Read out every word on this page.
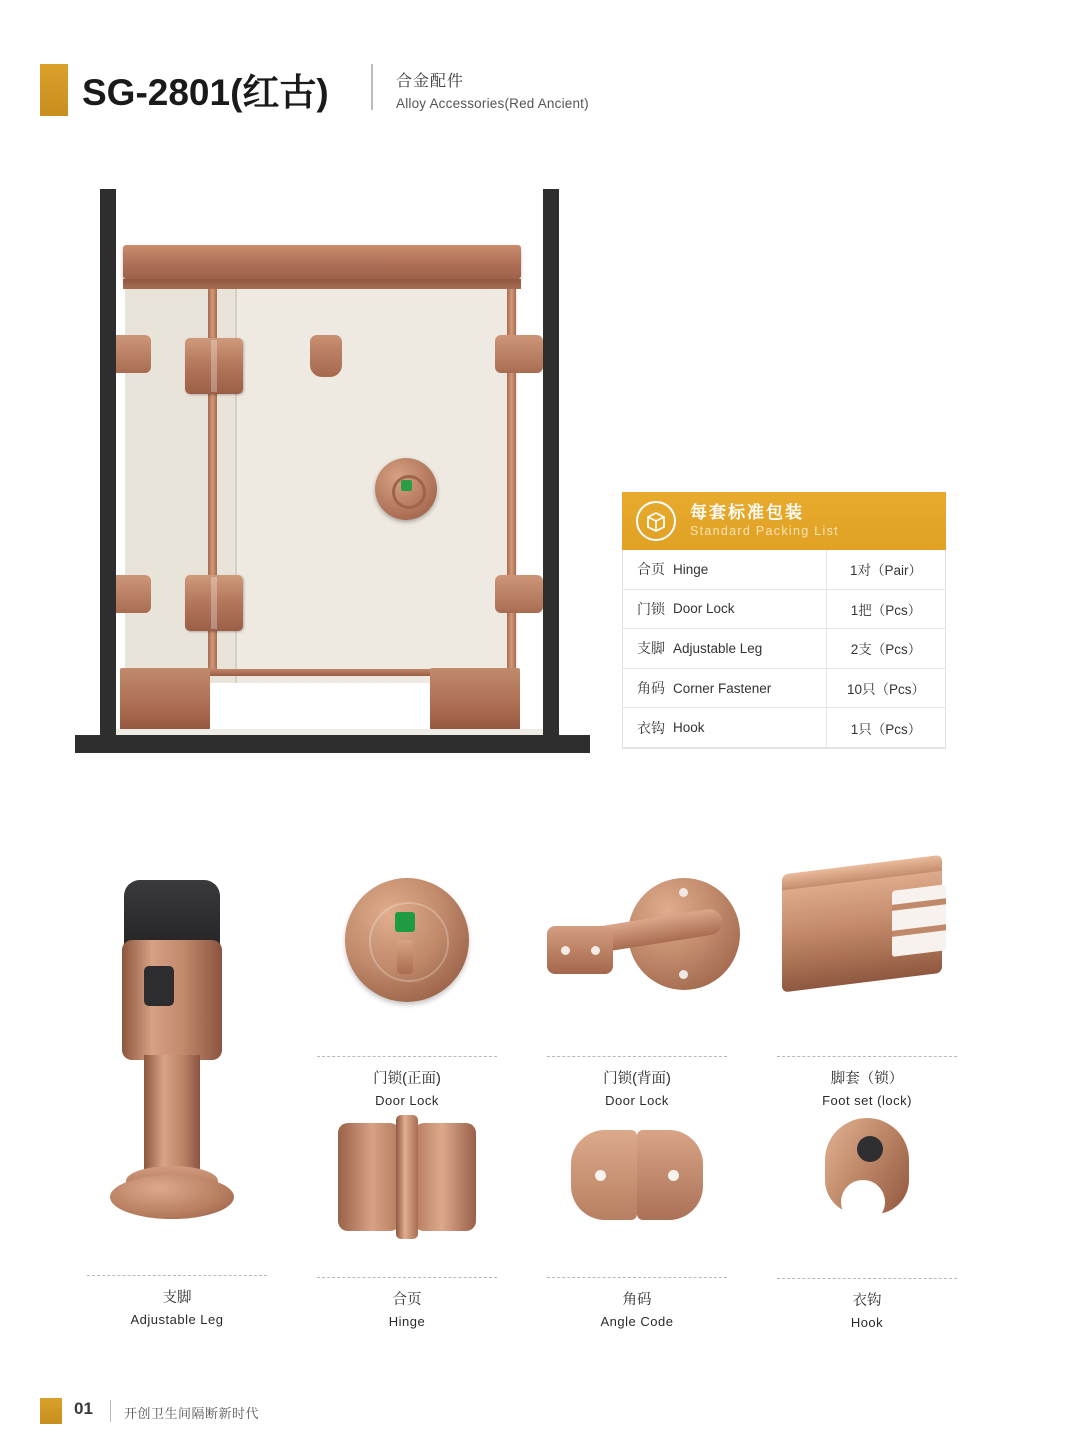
SG-2801(红古)	合金配件
Alloy Accessories(Red Ancient)
每套标准包装
Standard Packing List
合页 Hinge	1对（Pair）
门锁 Door Lock	1把（Pcs）
支脚 Adjustable Leg	2支（Pcs）
角码 Corner Fastener	10只（Pcs）
衣钩 Hook	1只（Pcs）
门锁(正面)
Door Lock
门锁(背面)
Door Lock
脚套（锁）
Foot set (lock)
支脚
Adjustable Leg
合页
Hinge
角码
Angle Code
衣钩
Hook
01 开创卫生间隔断新时代
